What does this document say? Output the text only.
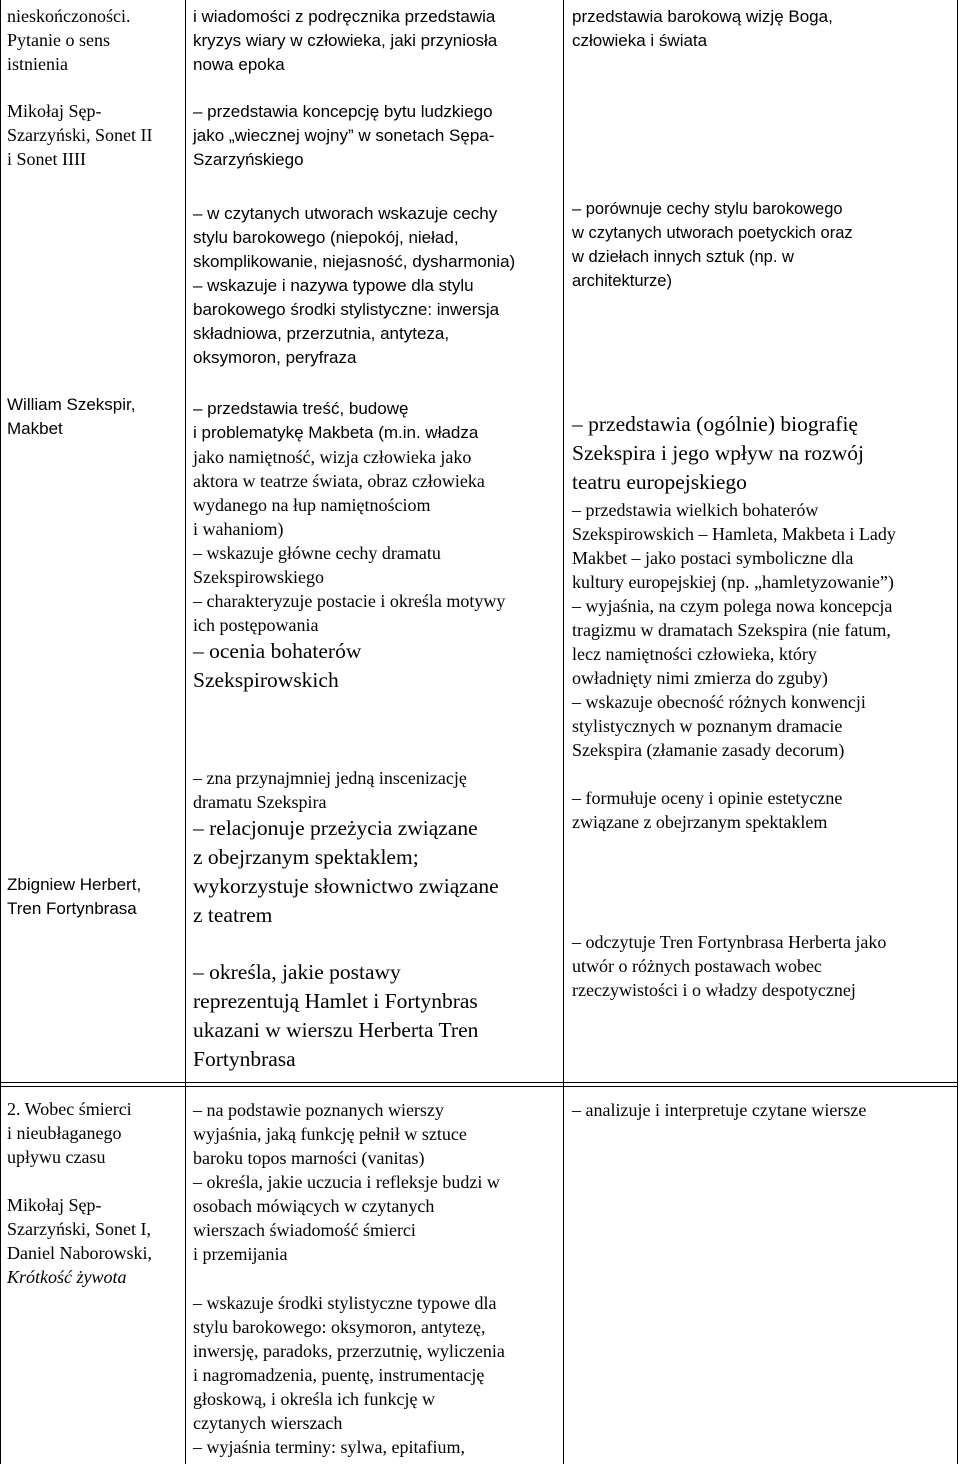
nieskończoności.
Pytanie o sens
istnienia
i wiadomości z podręcznika przedstawia
kryzys wiary w człowieka, jaki przyniosła
nowa epoka
przedstawia barokową wizję Boga,
człowieka i świata
Mikołaj Sęp-
Szarzyński, Sonet II
i Sonet IIII
– przedstawia koncepcję bytu ludzkiego
jako „wiecznej wojny” w sonetach Sępa-
Szarzyńskiego
– w czytanych utworach wskazuje cechy
stylu barokowego (niepokój, nieład,
skomplikowanie, niejasność, dysharmonia)
– wskazuje i nazywa typowe dla stylu
barokowego środki stylistyczne: inwersja
składniowa, przerzutnia, antyteza,
oksymoron, peryfraza
– porównuje cechy stylu barokowego
w czytanych utworach poetyckich oraz
w dziełach innych sztuk (np. w
architekturze)
William Szekspir,
Makbet
Zbigniew Herbert,
Tren Fortynbrasa
– przedstawia treść, budowę
i problematykę Makbeta (m.in. władza
jako namiętność, wizja człowieka jako
aktora w teatrze świata, obraz człowieka
wydanego na łup namiętnościom
i wahaniom)
– wskazuje główne cechy dramatu
Szekspirowskiego
– charakteryzuje postacie i określa motywy
ich postępowania
– ocenia bohaterów
Szekspirowskich
– zna przynajmniej jedną inscenizację
dramatu Szekspira
– relacjonuje przeżycia związane
z obejrzanym spektaklem;
wykorzystuje słownictwo związane
z teatrem
– określa, jakie postawy
reprezentują Hamlet i Fortynbras
ukazani w wierszu Herberta Tren
Fortynbrasa
– przedstawia (ogólnie) biografię
Szekspira i jego wpływ na rozwój
teatru europejskiego
– przedstawia wielkich bohaterów
Szekspirowskich – Hamleta, Makbeta i Lady
Makbet – jako postaci symboliczne dla
kultury europejskiej (np. „hamletyzowanie”)
– wyjaśnia, na czym polega nowa koncepcja
tragizmu w dramatach Szekspira (nie fatum,
lecz namiętności człowieka, który
owładnięty nimi zmierza do zguby)
– wskazuje obecność różnych konwencji
stylistycznych w poznanym dramacie
Szekspira (złamanie zasady decorum)
– formułuje oceny i opinie estetyczne
związane z obejrzanym spektaklem
– odczytuje Tren Fortynbrasa Herberta jako
utwór o różnych postawach wobec
rzeczywistości i o władzy despotycznej
2. Wobec śmierci
i nieubłaganego
upływu czasu
Mikołaj Sęp-
Szarzyński, Sonet I,
Daniel Naborowski,
Krótkość żywota
– na podstawie poznanych wierszy
wyjaśnia, jaką funkcję pełnił w sztuce
baroku topos marności (vanitas)
– określa, jakie uczucia i refleksje budzi w
osobach mówiących w czytanych
wierszach świadomość śmierci
i przemijania
– wskazuje środki stylistyczne typowe dla
stylu barokowego: oksymoron, antytezę,
inwersję, paradoks, przerzutnię, wyliczenia
i nagromadzenia, puentę, instrumentację
głoskową, i określa ich funkcję w
czytanych wierszach
– wyjaśnia terminy: sylwa, epitafium,
– analizuje i interpretuje czytane wiersze
